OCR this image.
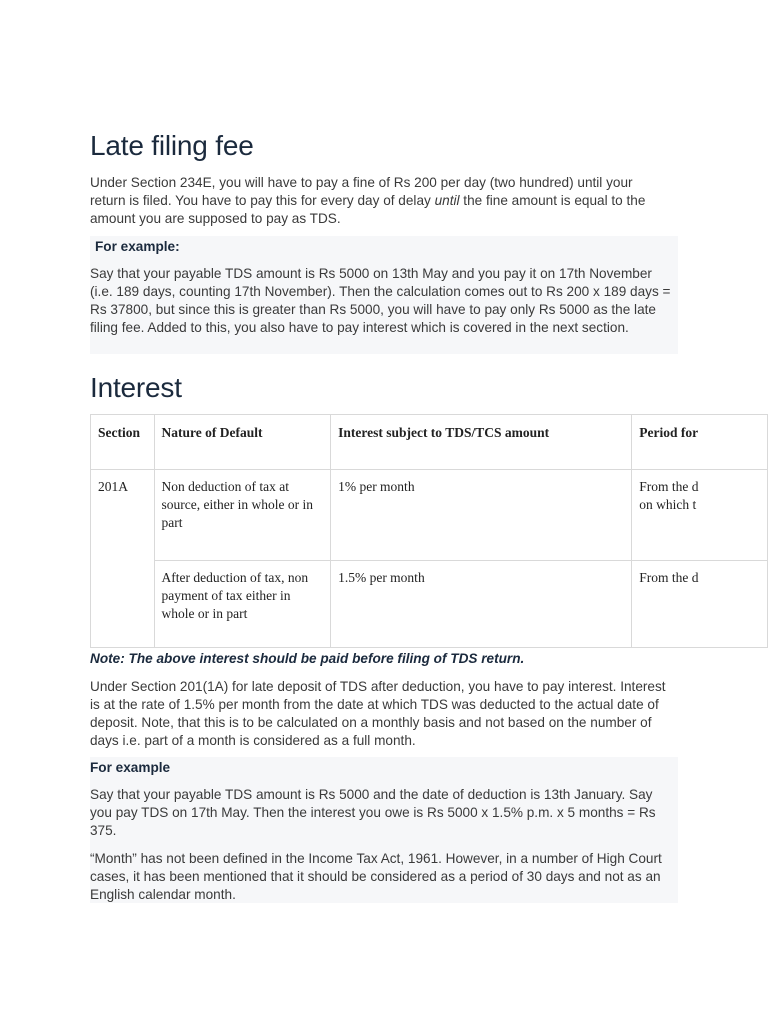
Late filing fee

Under Section 234E, you will have to pay a fine of Rs 200 per day (two hundred) until your return is filed. You have to pay this for every day of delay until the fine amount is equal to the amount you are supposed to pay as TDS.

For example:

Say that your payable TDS amount is Rs 5000 on 13th May and you pay it on 17th November (i.e. 189 days, counting 17th November). Then the calculation comes out to Rs 200 x 189 days = Rs 37800, but since this is greater than Rs 5000, you will have to pay only Rs 5000 as the late filing fee. Added to this, you also have to pay interest which is covered in the next section.

Interest
Section	Nature of Default	Interest subject to TDS/TCS amount	Period for
201A	Non deduction of tax at source, either in whole or in part	1% per month	From the d
on which t

	After deduction of tax, non payment of tax either in whole or in part	1.5% per month	From the d

Note: The above interest should be paid before filing of TDS return.

Under Section 201(1A) for late deposit of TDS after deduction, you have to pay interest. Interest is at the rate of 1.5% per month from the date at which TDS was deducted to the actual date of deposit. Note, that this is to be calculated on a monthly basis and not based on the number of days i.e. part of a month is considered as a full month.

For example

Say that your payable TDS amount is Rs 5000 and the date of deduction is 13th January. Say you pay TDS on 17th May. Then the interest you owe is Rs 5000 x 1.5% p.m. x 5 months = Rs 375.

“Month” has not been defined in the Income Tax Act, 1961. However, in a number of High Court cases, it has been mentioned that it should be considered as a period of 30 days and not as an English calendar month.
